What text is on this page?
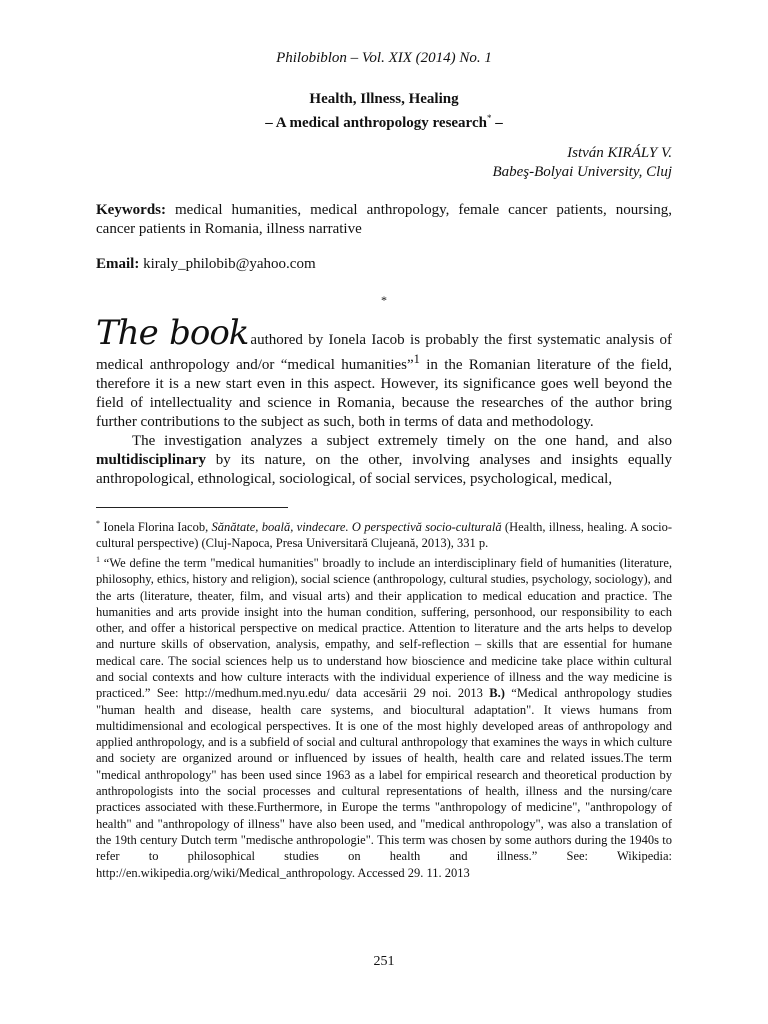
Philobiblon – Vol. XIX (2014) No. 1
Health, Illness, Healing
– A medical anthropology research* –
István KIRÁLY V.
Babeş-Bolyai University, Cluj
Keywords: medical humanities, medical anthropology, female cancer patients, noursing, cancer patients in Romania, illness narrative
Email: kiraly_philobib@yahoo.com
*

The book authored by Ionela Iacob is probably the first systematic analysis of medical anthropology and/or “medical humanities”$^1$ in the Romanian literature of the field, therefore it is a new start even in this aspect. However, its significance goes well beyond the field of intellectuality and science in Romania, because the researches of the author bring further contributions to the subject as such, both in terms of data and methodology.

The investigation analyzes a subject extremely timely on the one hand, and also multidisciplinary by its nature, on the other, involving analyses and insights equally anthropological, ethnological, sociological, of social services, psychological, medical,

* Ionela Florina Iacob, Sănătate, boală, vindecare. O perspectivă socio-culturală (Health, illness, healing. A socio-cultural perspective) (Cluj-Napoca, Presa Universitară Clujeană, 2013), 331 p.

$^1$ “We define the term "medical humanities" broadly to include an interdisciplinary field of humanities (literature, philosophy, ethics, history and religion), social science (anthropology, cultural studies, psychology, sociology), and the arts (literature, theater, film, and visual arts) and their application to medical education and practice. The humanities and arts provide insight into the human condition, suffering, personhood, our responsibility to each other, and offer a historical perspective on medical practice. Attention to literature and the arts helps to develop and nurture skills of observation, analysis, empathy, and self-reflection – skills that are essential for humane medical care. The social sciences help us to understand how bioscience and medicine take place within cultural and social contexts and how culture interacts with the individual experience of illness and the way medicine is practiced.” See: http://medhum.med.nyu.edu/ data accesării 29 noi. 2013 B.) “Medical anthropology studies "human health and disease, health care systems, and biocultural adaptation". It views humans from multidimensional and ecological perspectives. It is one of the most highly developed areas of anthropology and applied anthropology, and is a subfield of social and cultural anthropology that examines the ways in which culture and society are organized around or influenced by issues of health, health care and related issues.The term "medical anthropology" has been used since 1963 as a label for empirical research and theoretical production by anthropologists into the social processes and cultural representations of health, illness and the nursing/care practices associated with these.Furthermore, in Europe the terms "anthropology of medicine", "anthropology of health" and "anthropology of illness" have also been used, and "medical anthropology", was also a translation of the 19th century Dutch term "medische anthropologie". This term was chosen by some authors during the 1940s to refer to philosophical studies on health and illness.” See: Wikipedia: http://en.wikipedia.org/wiki/Medical_anthropology. Accessed 29. 11. 2013

251
